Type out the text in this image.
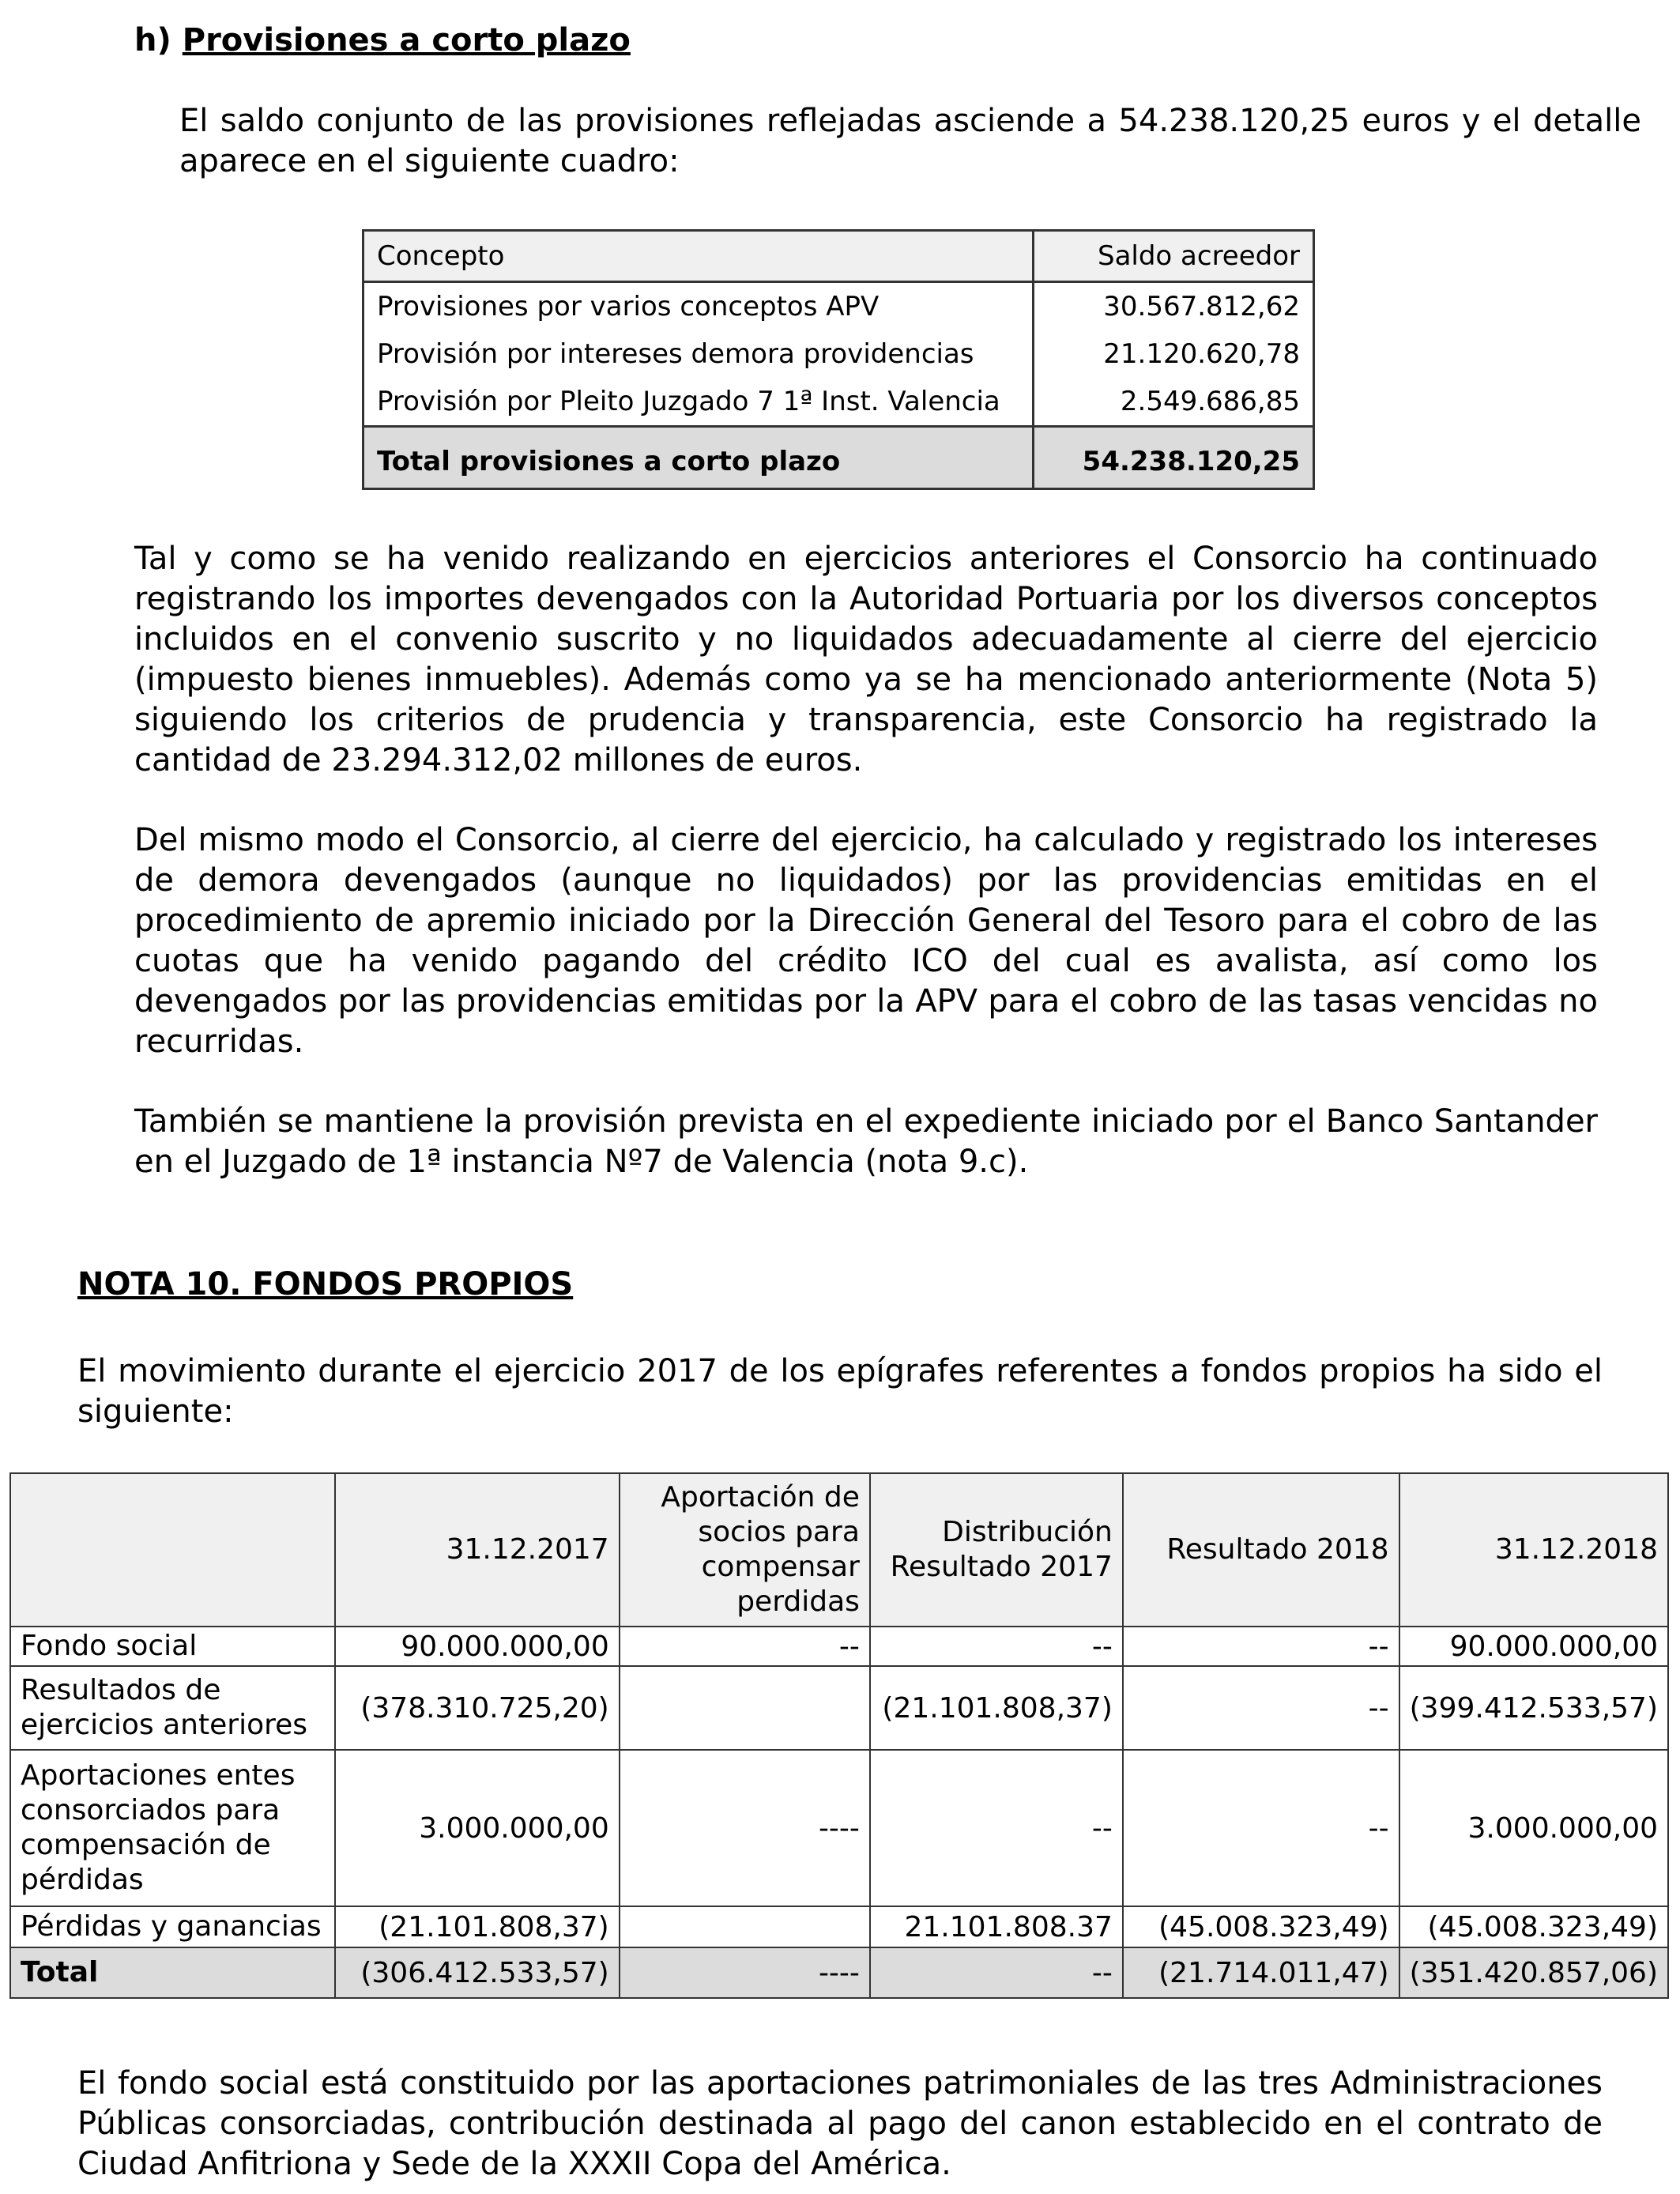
h) Provisiones a corto plazo

El saldo conjunto de las provisiones reflejadas asciende a 54.238.120,25 euros y el detalle aparece en el siguiente cuadro:

Concepto	Saldo acreedor
Provisiones por varios conceptos APV	30.567.812,62
Provisión por intereses demora providencias	21.120.620,78
Provisión por Pleito Juzgado 7 1ª Inst. Valencia	2.549.686,85
Total provisiones a corto plazo	54.238.120,25

Tal y como se ha venido realizando en ejercicios anteriores el Consorcio ha continuado registrando los importes devengados con la Autoridad Portuaria por los diversos conceptos incluidos en el convenio suscrito y no liquidados adecuadamente al cierre del ejercicio (impuesto bienes inmuebles). Además como ya se ha mencionado anteriormente (Nota 5) siguiendo los criterios de prudencia y transparencia, este Consorcio ha registrado la cantidad de 23.294.312,02 millones de euros.

Del mismo modo el Consorcio, al cierre del ejercicio, ha calculado y registrado los intereses de demora devengados (aunque no liquidados) por las providencias emitidas en el procedimiento de apremio iniciado por la Dirección General del Tesoro para el cobro de las cuotas que ha venido pagando del crédito ICO del cual es avalista, así como los devengados por las providencias emitidas por la APV para el cobro de las tasas vencidas no recurridas.

También se mantiene la provisión prevista en el expediente iniciado por el Banco Santander en el Juzgado de 1ª instancia Nº7 de Valencia (nota 9.c).

NOTA 10. FONDOS PROPIOS

El movimiento durante el ejercicio 2017 de los epígrafes referentes a fondos propios ha sido el siguiente:

	31.12.2017	Aportación de socios para compensar perdidas	Distribución Resultado 2017	Resultado 2018	31.12.2018
Fondo social	90.000.000,00	--	--	--	90.000.000,00
Resultados de ejercicios anteriores	(378.310.725,20)		(21.101.808,37)	--	(399.412.533,57)
Aportaciones entes consorciados para compensación de pérdidas	3.000.000,00	----	--	--	3.000.000,00
Pérdidas y ganancias	(21.101.808,37)		21.101.808.37	(45.008.323,49)	(45.008.323,49)
Total	(306.412.533,57)	----	--	(21.714.011,47)	(351.420.857,06)

El fondo social está constituido por las aportaciones patrimoniales de las tres Administraciones Públicas consorciadas, contribución destinada al pago del canon establecido en el contrato de Ciudad Anfitriona y Sede de la XXXII Copa del América.
